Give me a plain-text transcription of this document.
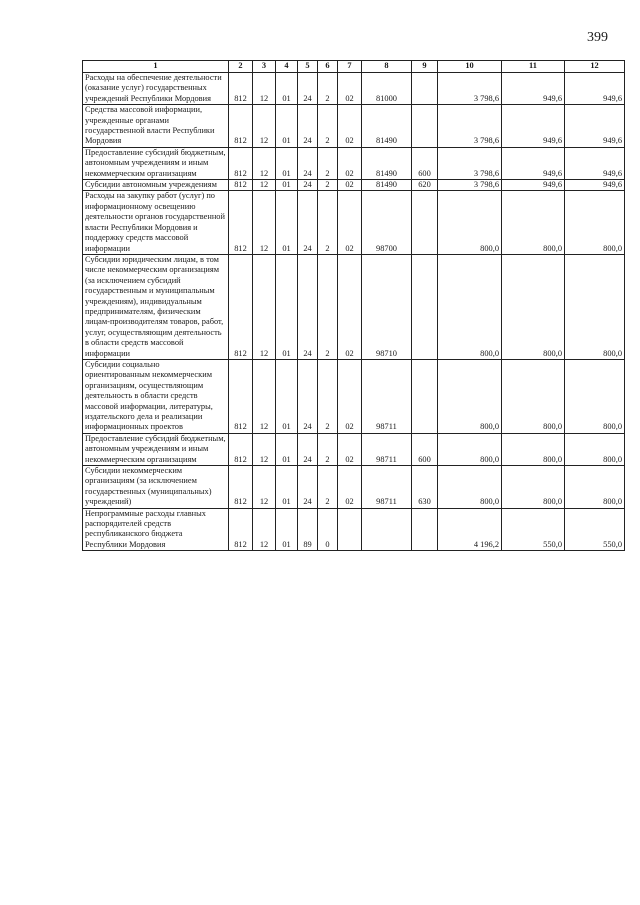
399
1	2	3	4	5	6	7	8	9	10	11	12
Расходы на обеспечение деятельности (оказание услуг) государственных учреждений Республики Мордовия	812	12	01	24	2	02	81000		3 798,6	949,6	949,6
Средства массовой информации, учрежденные органами государственной власти Республики Мордовия	812	12	01	24	2	02	81490		3 798,6	949,6	949,6
Предоставление субсидий бюджетным, автономным учреждениям и иным некоммерческим организациям	812	12	01	24	2	02	81490	600	3 798,6	949,6	949,6
Субсидии автономным учреждениям	812	12	01	24	2	02	81490	620	3 798,6	949,6	949,6
Расходы на закупку работ (услуг) по информационному освещению деятельности органов государственной власти Республики Мордовия и поддержку средств массовой информации	812	12	01	24	2	02	98700		800,0	800,0	800,0
Субсидии юридическим лицам, в том числе некоммерческим организациям (за исключением субсидий государственным и муниципальным учреждениям), индивидуальным предпринимателям, физическим лицам-производителям товаров, работ, услуг, осуществляющим деятельность в области средств массовой информации	812	12	01	24	2	02	98710		800,0	800,0	800,0
Субсидии социально ориентированным некоммерческим организациям, осуществляющим деятельность в области средств массовой информации, литературы, издательского дела и реализации информационных проектов	812	12	01	24	2	02	98711		800,0	800,0	800,0
Предоставление субсидий бюджетным, автономным учреждениям и иным некоммерческим организациям	812	12	01	24	2	02	98711	600	800,0	800,0	800,0
Субсидии некоммерческим организациям (за исключением государственных (муниципальных) учреждений)	812	12	01	24	2	02	98711	630	800,0	800,0	800,0
Непрограммные расходы главных распорядителей средств республиканского бюджета Республики Мордовия	812	12	01	89	0				4 196,2	550,0	550,0
